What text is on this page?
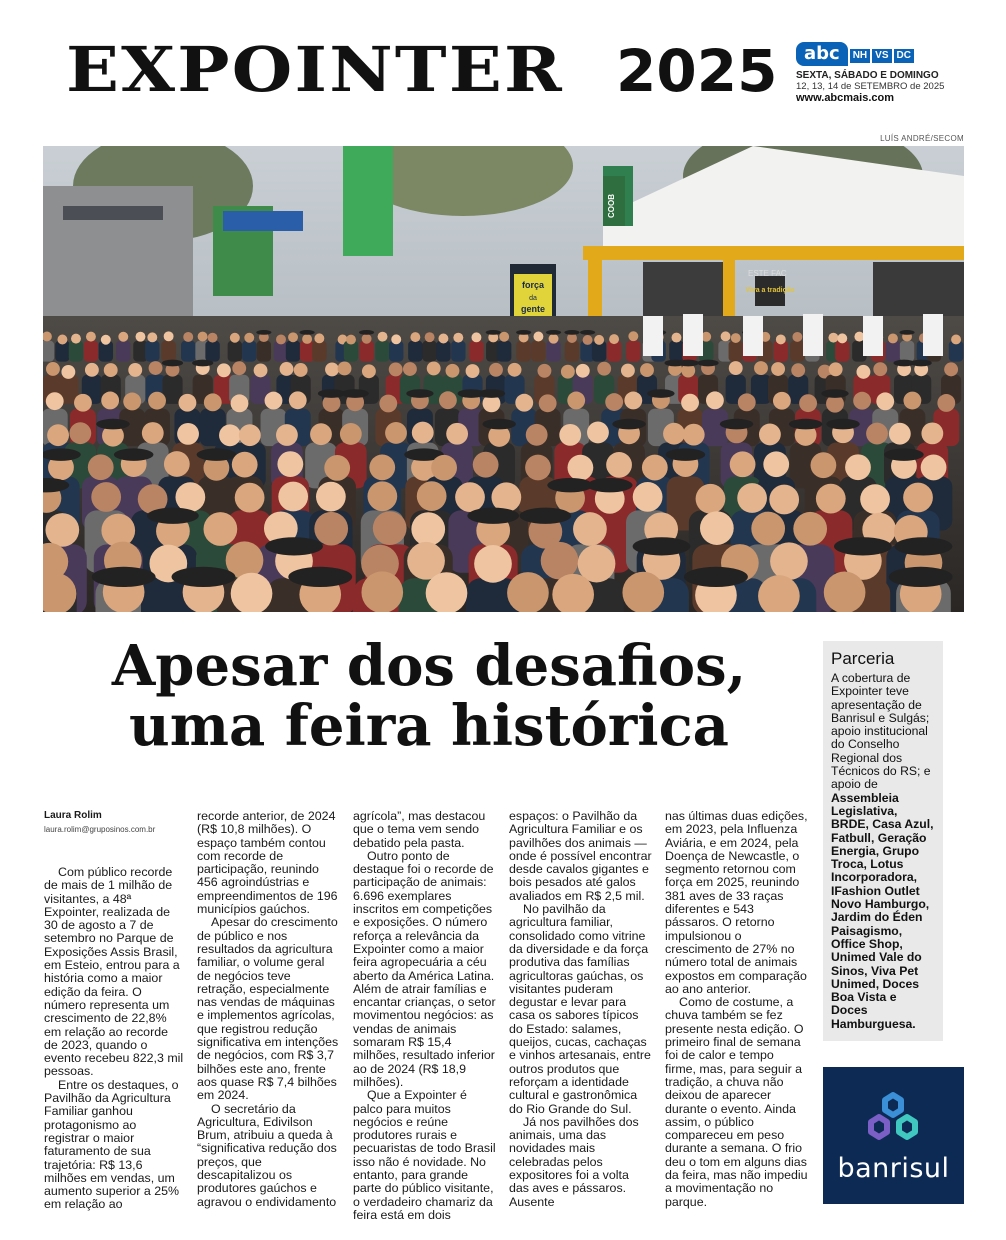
EXPOINTER 2025	abc	NH VS DC
SEXTA, SÁBADO E DOMINGO
12, 13, 14 de SETEMBRO de 2025
www.abcmais.com
LUÍS ANDRÉ/SECOM
força
da
gente
Viva a tradição
COOB
ESTE FAC
Apesar dos desafios,
uma feira histórica
Laura Rolim
laura.rolim@gruposinos.com.br

Com público recorde de mais de 1 milhão de visitantes, a 48ª Expointer, realizada de 30 de agosto a 7 de setembro no Parque de Exposições Assis Brasil, em Esteio, entrou para a história como a maior edição da feira. O número representa um crescimento de 22,8% em relação ao recorde de 2023, quando o evento recebeu 822,3 mil pessoas.

Entre os destaques, o Pavilhão da Agricultura Familiar ganhou protagonismo ao registrar o maior faturamento de sua trajetória: R$ 13,6 milhões em vendas, um aumento superior a 25% em relação ao

recorde anterior, de 2024 (R$ 10,8 milhões). O espaço também contou com recorde de participação, reunindo 456 agroindústrias e empreendimentos de 196 municípios gaúchos.

Apesar do crescimento de público e nos resultados da agricultura familiar, o volume geral de negócios teve retração, especialmente nas vendas de máquinas e implementos agrícolas, que registrou redução significativa em intenções de negócios, com R$ 3,7 bilhões este ano, frente aos quase R$ 7,4 bilhões em 2024.

O secretário da Agricultura, Edivilson Brum, atribuiu a queda à “significativa redução dos preços, que descapitalizou os produtores gaúchos e agravou o endividamento

agrícola”, mas destacou que o tema vem sendo debatido pela pasta.

Outro ponto de destaque foi o recorde de participação de animais: 6.696 exemplares inscritos em competições e exposições. O número reforça a relevância da Expointer como a maior feira agropecuária a céu aberto da América Latina. Além de atrair famílias e encantar crianças, o setor movimentou negócios: as vendas de animais somaram R$ 15,4 milhões, resultado inferior ao de 2024 (R$ 18,9 milhões).

Que a Expointer é palco para muitos negócios e reúne produtores rurais e pecuaristas de todo Brasil isso não é novidade. No entanto, para grande parte do público visitante, o verdadeiro chamariz da feira está em dois

espaços: o Pavilhão da Agricultura Familiar e os pavilhões dos animais — onde é possível encontrar desde cavalos gigantes e bois pesados até galos avaliados em R$ 2,5 mil.

No pavilhão da agricultura familiar, consolidado como vitrine da diversidade e da força produtiva das famílias agricultoras gaúchas, os visitantes puderam degustar e levar para casa os sabores típicos do Estado: salames, queijos, cucas, cachaças e vinhos artesanais, entre outros produtos que reforçam a identidade cultural e gastronômica do Rio Grande do Sul.

Já nos pavilhões dos animais, uma das novidades mais celebradas pelos expositores foi a volta das aves e pássaros. Ausente

nas últimas duas edições, em 2023, pela Influenza Aviária, e em 2024, pela Doença de Newcastle, o segmento retornou com força em 2025, reunindo 381 aves de 33 raças diferentes e 543 pássaros. O retorno impulsionou o crescimento de 27% no número total de animais expostos em comparação ao ano anterior.

Como de costume, a chuva também se fez presente nesta edição. O primeiro final de semana foi de calor e tempo firme, mas, para seguir a tradição, a chuva não deixou de aparecer durante o evento. Ainda assim, o público compareceu em peso durante a semana. O frio deu o tom em alguns dias da feira, mas não impediu a movimentação no parque.

Parceria
A cobertura de Expointer teve apresentação de Banrisul e Sulgás; apoio institucional do Conselho Regional dos Técnicos do RS; e apoio de Assembleia Legislativa, BRDE, Casa Azul, Fatbull, Geração Energia, Grupo Troca, Lotus Incorporadora, IFashion Outlet Novo Hamburgo, Jardim do Éden Paisagismo, Office Shop, Unimed Vale do Sinos, Viva Pet Unimed, Doces Boa Vista e Doces Hamburguesa.
banrisul
